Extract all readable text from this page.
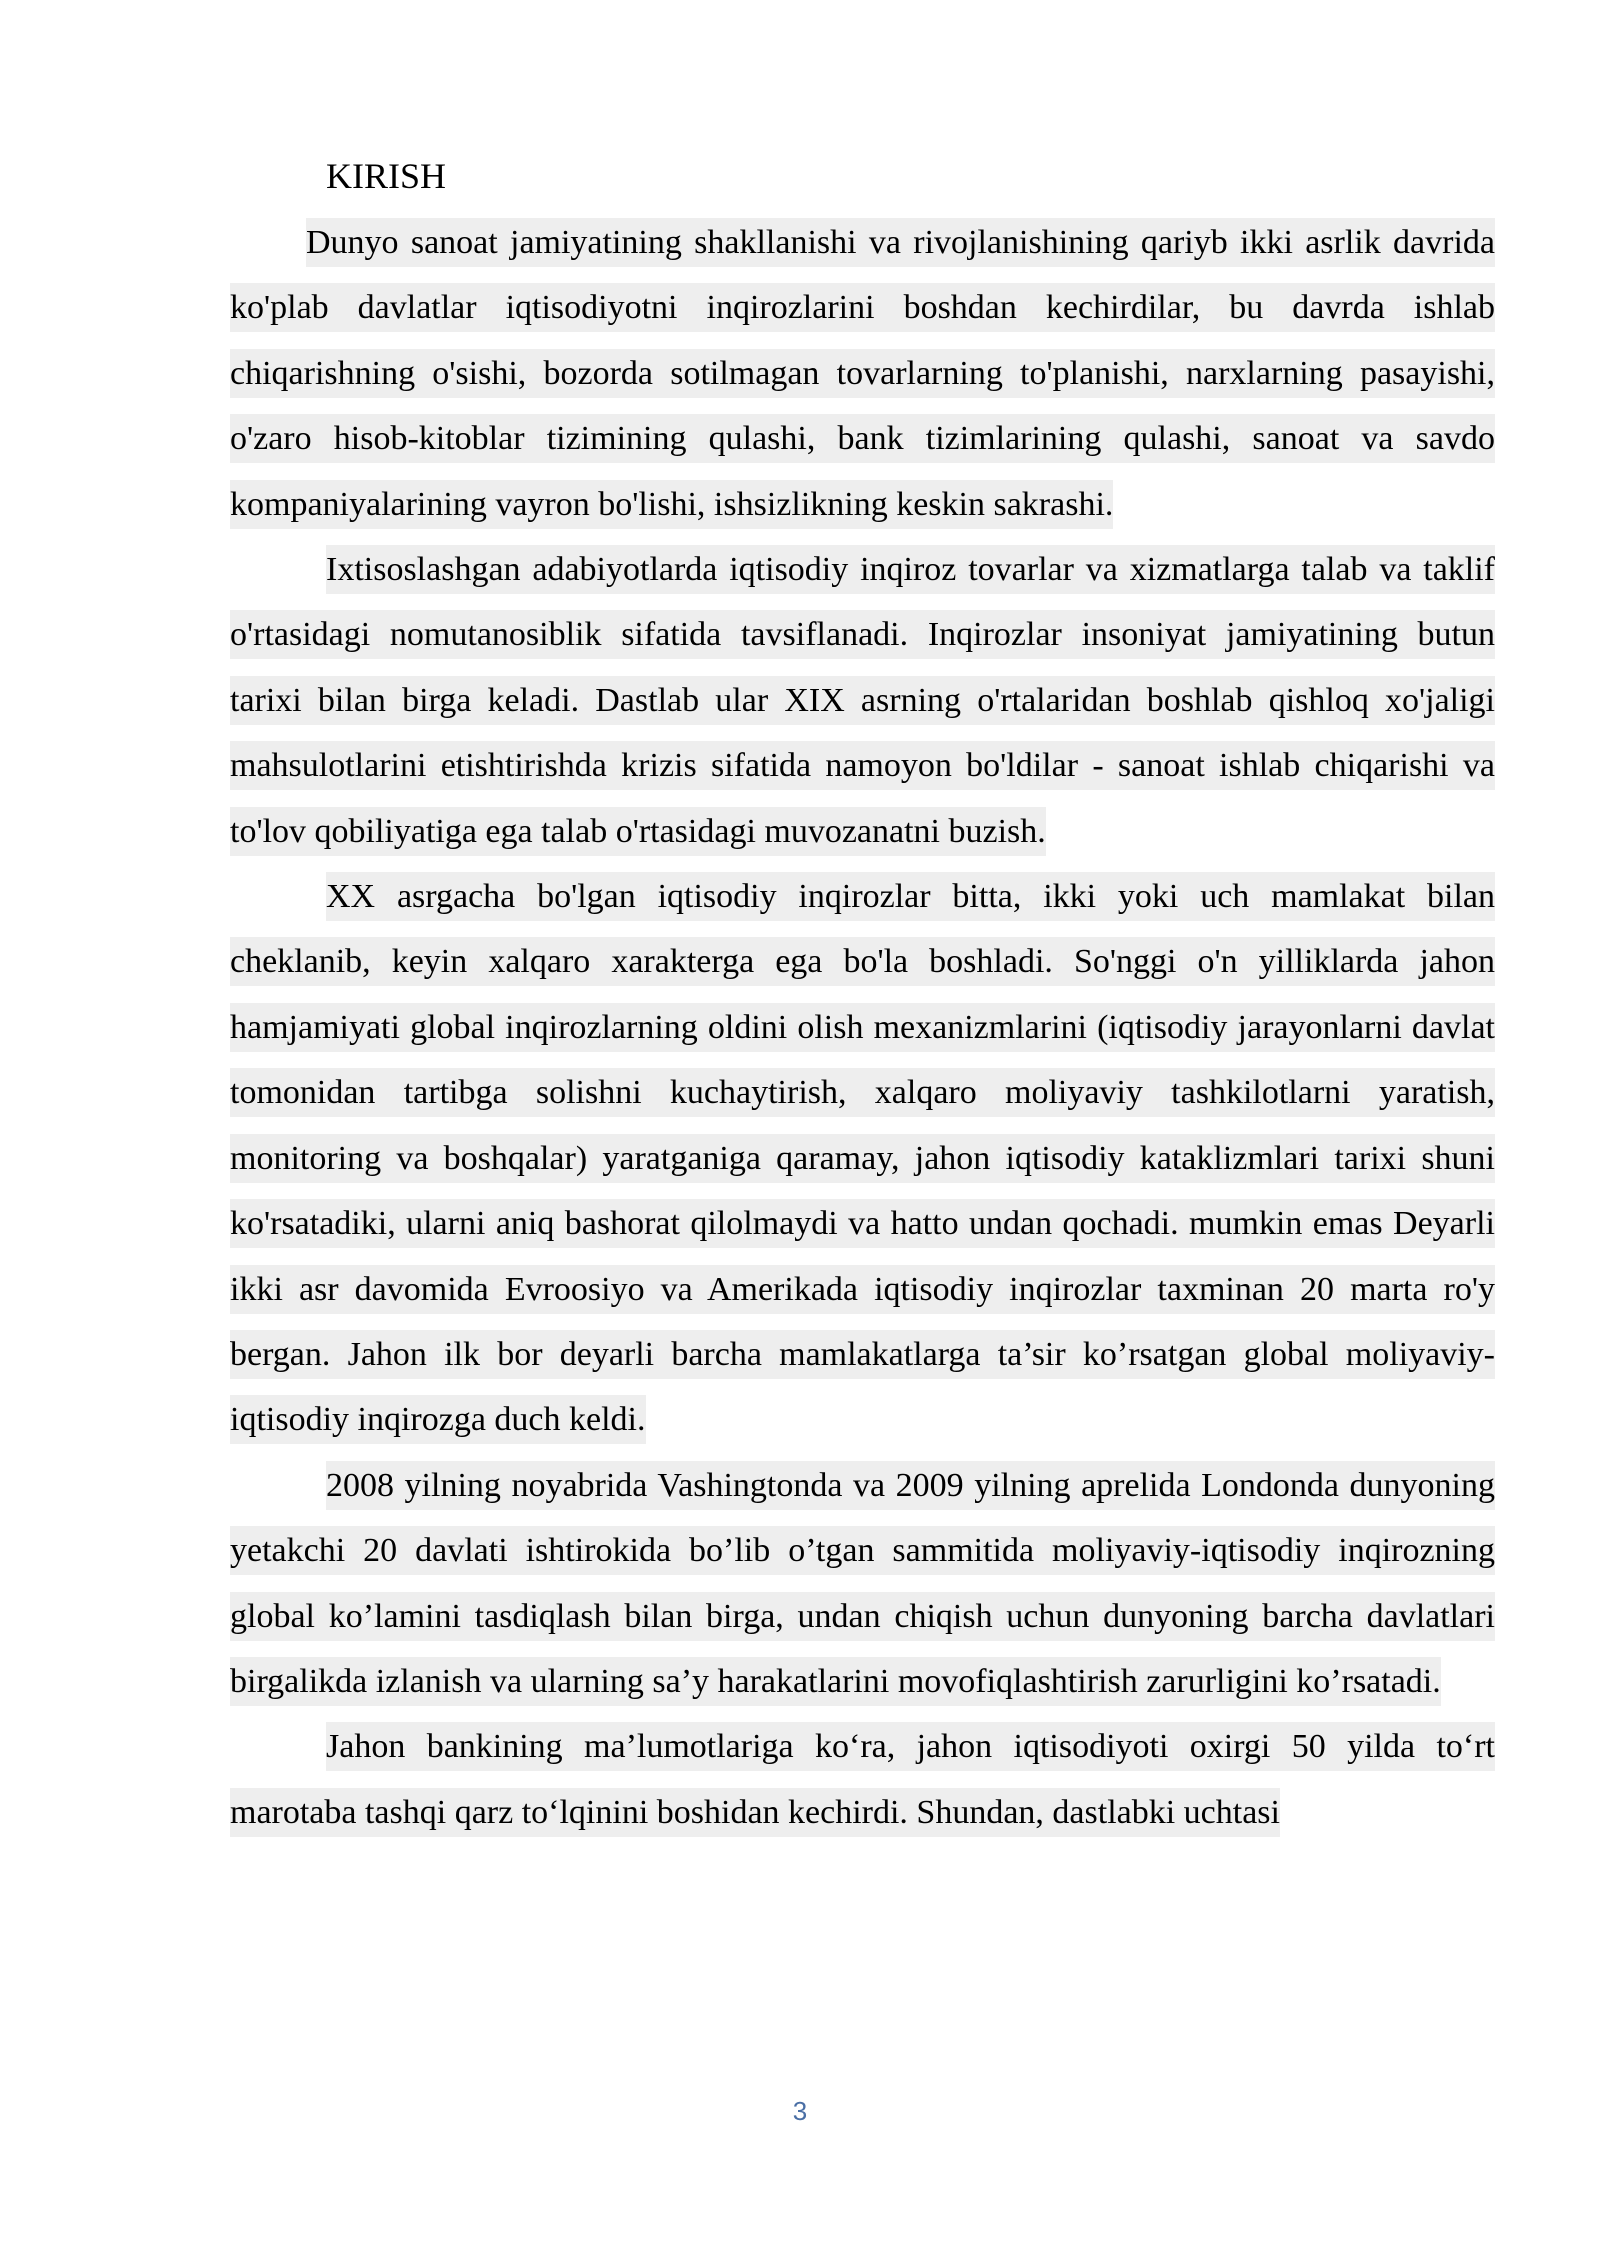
KIRISH

Dunyo sanoat jamiyatining shakllanishi va rivojlanishining qariyb ikki asrlik davrida ko'plab davlatlar iqtisodiyotni inqirozlarini boshdan kechirdilar, bu davrda ishlab chiqarishning o'sishi, bozorda sotilmagan tovarlarning to'planishi, narxlarning pasayishi, o'zaro hisob-kitoblar tizimining qulashi, bank tizimlarining qulashi, sanoat va savdo kompaniyalarining vayron bo'lishi, ishsizlikning keskin sakrashi.

Ixtisoslashgan adabiyotlarda iqtisodiy inqiroz tovarlar va xizmatlarga talab va taklif o'rtasidagi nomutanosiblik sifatida tavsiflanadi. Inqirozlar insoniyat jamiyatining butun tarixi bilan birga keladi. Dastlab ular XIX asrning o'rtalaridan boshlab qishloq xo'jaligi mahsulotlarini etishtirishda krizis sifatida namoyon bo'ldilar - sanoat ishlab chiqarishi va to'lov qobiliyatiga ega talab o'rtasidagi muvozanatni buzish.

XX asrgacha bo'lgan iqtisodiy inqirozlar bitta, ikki yoki uch mamlakat bilan cheklanib, keyin xalqaro xarakterga ega bo'la boshladi. So'nggi o'n yilliklarda jahon hamjamiyati global inqirozlarning oldini olish mexanizmlarini (iqtisodiy jarayonlarni davlat tomonidan tartibga solishni kuchaytirish, xalqaro moliyaviy tashkilotlarni yaratish, monitoring va boshqalar) yaratganiga qaramay, jahon iqtisodiy kataklizmlari tarixi shuni ko'rsatadiki, ularni aniq bashorat qilolmaydi va hatto undan qochadi. mumkin emas Deyarli ikki asr davomida Evroosiyo va Amerikada iqtisodiy inqirozlar taxminan 20 marta ro'y bergan. Jahon ilk bor deyarli barcha mamlakatlarga ta’sir ko’rsatgan global moliyaviy-iqtisodiy inqirozga duch keldi.

2008 yilning noyabrida Vashingtonda va 2009 yilning aprelida Londonda dunyoning yetakchi 20 davlati ishtirokida bo’lib o’tgan sammitida moliyaviy-iqtisodiy inqirozning global ko’lamini tasdiqlash bilan birga, undan chiqish uchun dunyoning barcha davlatlari birgalikda izlanish va ularning sa’y harakatlarini movofiqlashtirish zarurligini ko’rsatadi.

Jahon bankining ma’lumotlariga ko‘ra, jahon iqtisodiyoti oxirgi 50 yilda to‘rt marotaba tashqi qarz to‘lqinini boshidan kechirdi. Shundan, dastlabki uchtasi

3
